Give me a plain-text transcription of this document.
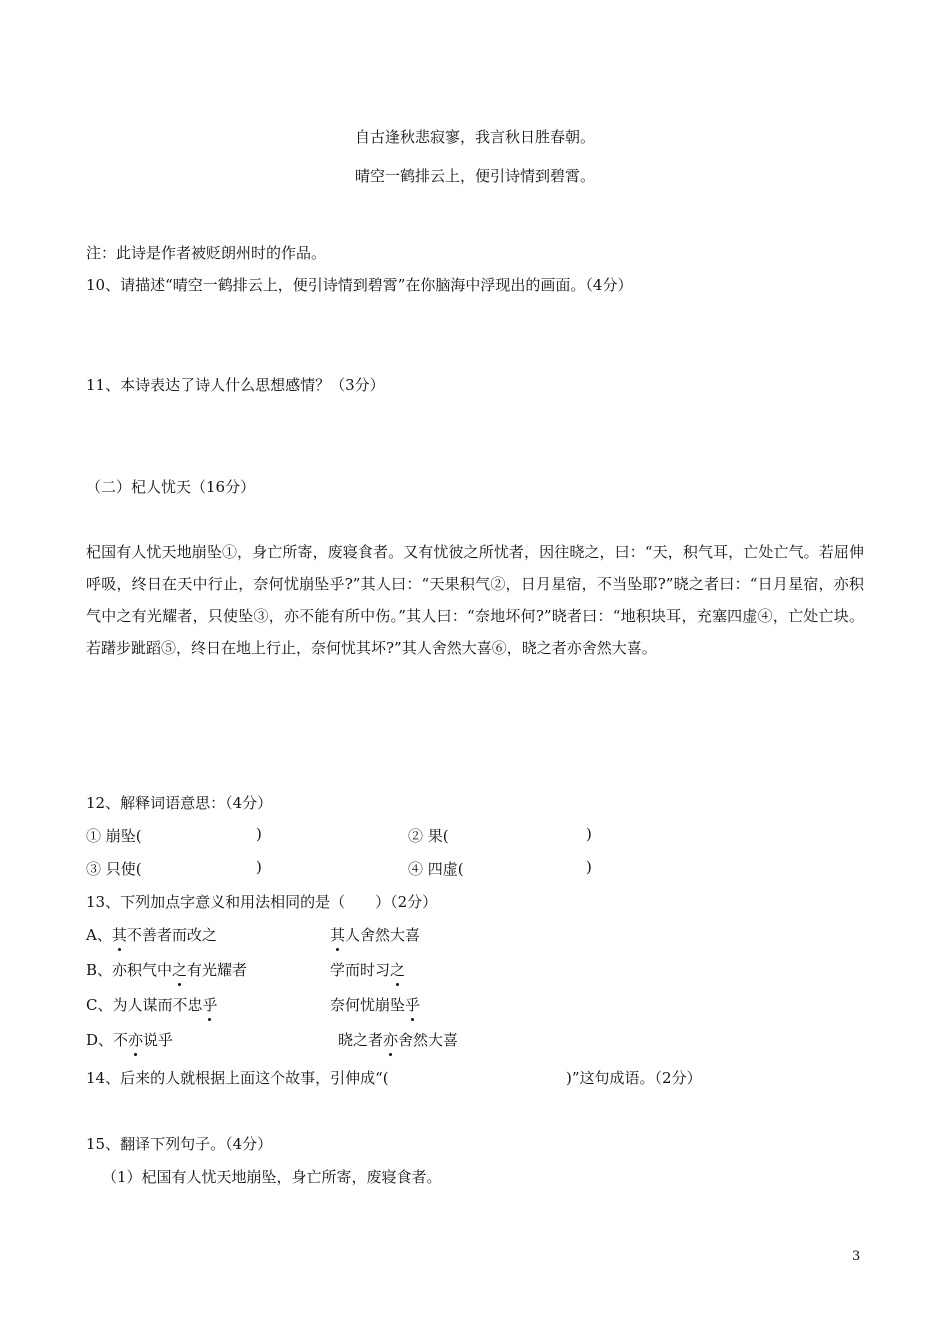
自古逢秋悲寂寥，我言秋日胜春朝。
晴空一鹤排云上，便引诗情到碧霄。
注：此诗是作者被贬朗州时的作品。
10、请描述“晴空一鹤排云上，便引诗情到碧霄”在你脑海中浮现出的画面。（4分）
11、本诗表达了诗人什么思想感情？（3分）
（二）杞人忧天（16分）
杞国有人忧天地崩坠①，身亡所寄，废寝食者。又有忧彼之所忧者，因往晓之，曰：“天，积气耳，亡处亡气。若屈伸呼吸，终日在天中行止，奈何忧崩坠乎?”其人曰：“天果积气②，日月星宿，不当坠耶?”晓之者曰：“日月星宿，亦积气中之有光耀者，只使坠③，亦不能有所中伤。”其人曰：“奈地坏何?”晓者曰：“地积块耳，充塞四虚④，亡处亡块。若躇步跐蹈⑤，终日在地上行止，奈何忧其坏?”其人舍然大喜⑥，晓之者亦舍然大喜。
12、解释词语意思：（4分）
① 崩坠(	)	② 果(	)
③ 只使(	)	④ 四虚(	)
13、下列加点字意义和用法相同的是（　　）（2分）
A、其不善者而改之	其人舍然大喜
B、亦积气中之有光耀者	学而时习之
C、为人谋而不忠乎	奈何忧崩坠乎
D、不亦说乎	晓之者亦舍然大喜
14、后来的人就根据上面这个故事，引伸成“(	)”这句成语。（2分）
15、翻译下列句子。（4分）
（1）杞国有人忧天地崩坠，身亡所寄，废寝食者。
3
